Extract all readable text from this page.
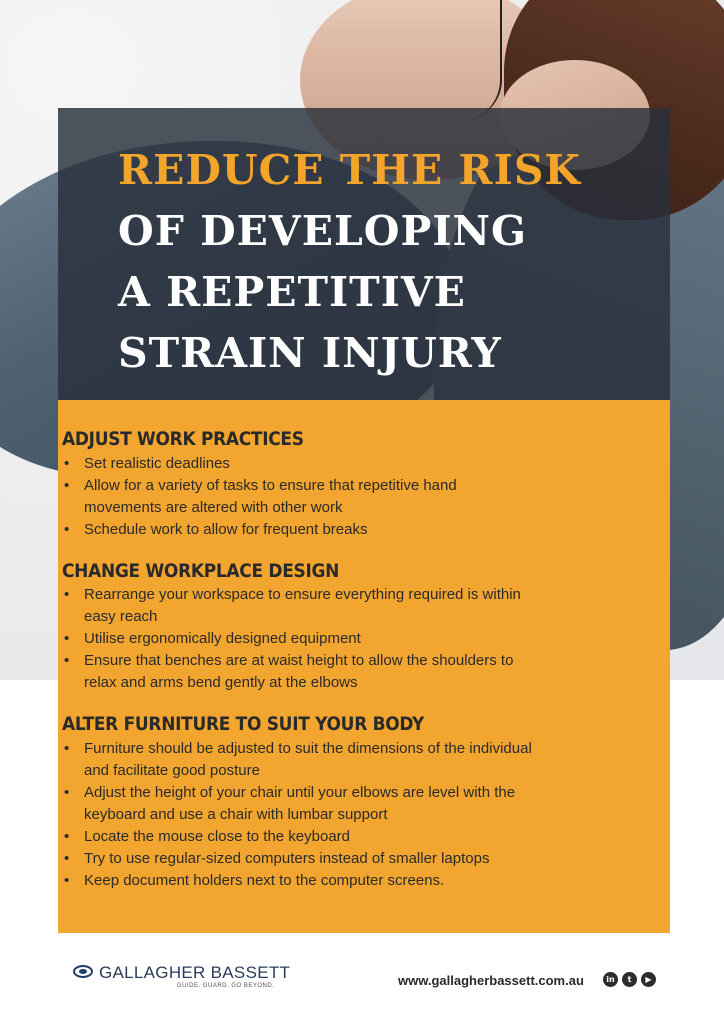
REDUCE THE RISK
OF DEVELOPING
A REPETITIVE
STRAIN INJURY
ADJUST WORK PRACTICES
• Set realistic deadlines
• Allow for a variety of tasks to ensure that repetitive hand movements are altered with other work
• Schedule work to allow for frequent breaks
CHANGE WORKPLACE DESIGN
• Rearrange your workspace to ensure everything required is within easy reach
• Utilise ergonomically designed equipment
• Ensure that benches are at waist height to allow the shoulders to relax and arms bend gently at the elbows
ALTER FURNITURE TO SUIT YOUR BODY
• Furniture should be adjusted to suit the dimensions of the individual and facilitate good posture
• Adjust the height of your chair until your elbows are level with the keyboard and use a chair with lumbar support
• Locate the mouse close to the keyboard
• Try to use regular-sized computers instead of smaller laptops
• Keep document holders next to the computer screens.
GALLAGHER BASSETT
GUIDE. GUARD. GO BEYOND.	www.gallagherbassett.com.au	in	t	▶
